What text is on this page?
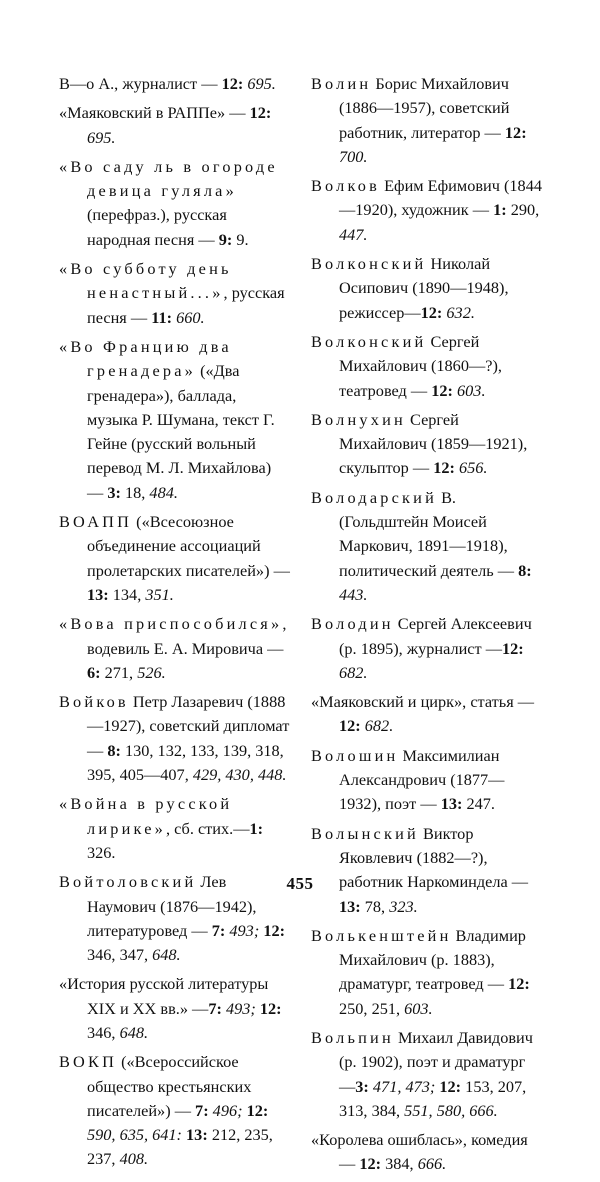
В—о А., журналист — 12: 695.
«Маяковский в РАППе» — 12: 695.
«Во саду ль в огороде девица гуляла» (перефраз.), русская народная песня — 9: 9.
«Во субботу день ненастный...», русская песня — 11: 660.
«Во Францию два гренадера» («Два гренадера»), баллада, музыка Р. Шумана, текст Г. Гейне (русский вольный перевод М. Л. Михайлова) — 3: 18, 484.
ВОАПП («Всесоюзное объединение ассоциаций пролетарских писателей») — 13: 134, 351.
«Вова приспособился», водевиль Е. А. Мировича — 6: 271, 526.
Войков Петр Лазаревич (1888—1927), советский дипломат — 8: 130, 132, 133, 139, 318, 395, 405—407, 429, 430, 448.
«Война в русской лирике», сб. стих.—1: 326.
Войтоловский Лев Наумович (1876—1942), литературовед — 7: 493; 12: 346, 347, 648.
«История русской литературы XIX и XX вв.» —7: 493; 12: 346, 648.
ВОКП («Всероссийское общество крестьянских писателей») — 7: 496; 12: 590, 635, 641: 13: 212, 235, 237, 408.
Волин Борис Михайлович (1886—1957), советский работник, литератор — 12: 700.
Волков Ефим Ефимович (1844—1920), художник — 1: 290, 447.
Волконский Николай Осипович (1890—1948), режиссер—12: 632.
Волконский Сергей Михайлович (1860—?), театровед — 12: 603.
Волнухин Сергей Михайлович (1859—1921), скульптор — 12: 656.
Володарский В. (Гольдштейн Моисей Маркович, 1891—1918), политический деятель — 8: 443.
Володин Сергей Алексеевич (р. 1895), журналист —12: 682.
«Маяковский и цирк», статья —12: 682.
Волошин Максимилиан Александрович (1877—1932), поэт — 13: 247.
Волынский Виктор Яковлевич (1882—?), работник Наркоминдела — 13: 78, 323.
Волькенштейн Владимир Михайлович (р. 1883), драматург, театровед — 12: 250, 251, 603.
Вольпин Михаил Давидович (р. 1902), поэт и драматург —3: 471, 473; 12: 153, 207, 313, 384, 551, 580, 666.
«Королева ошиблась», комедия — 12: 384, 666.
455
